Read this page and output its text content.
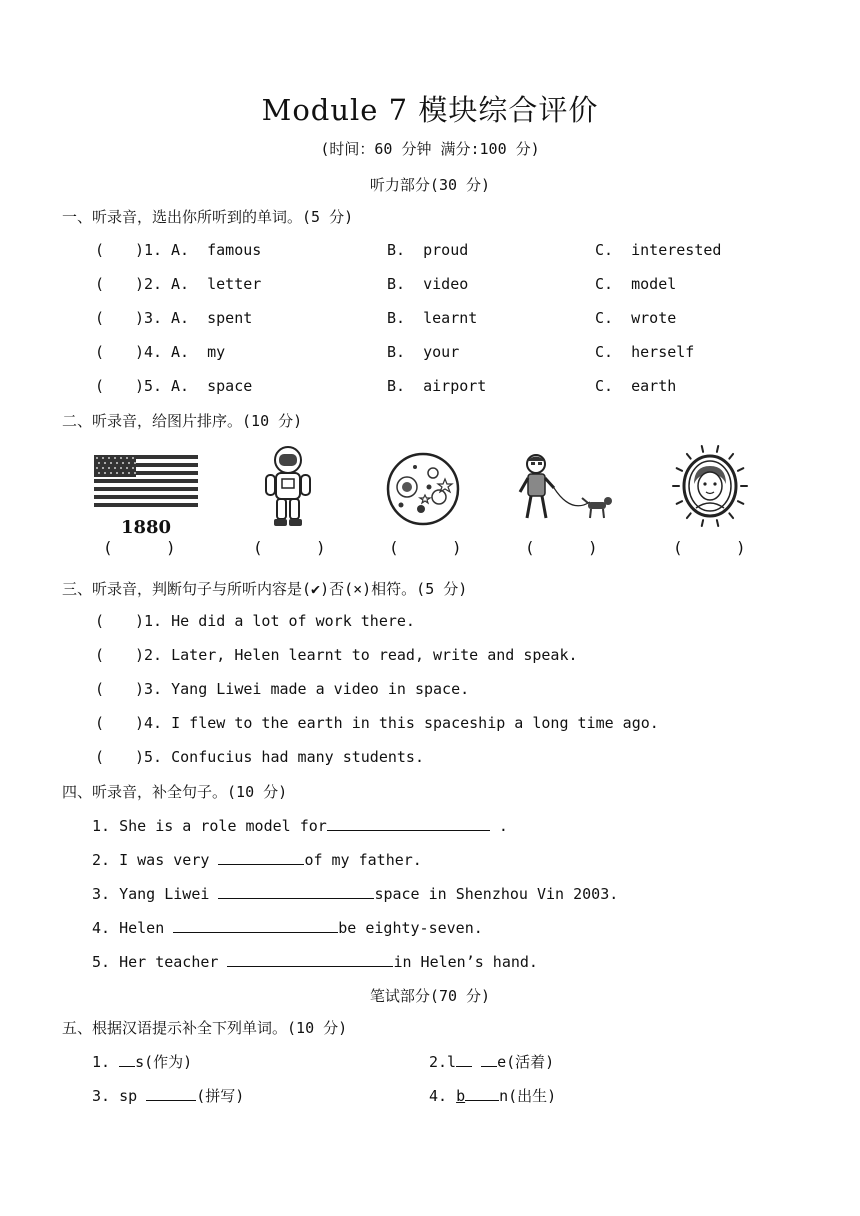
Module 7 模块综合评价
(时间：60 分钟 满分:100 分)
听力部分(30 分)
一、听录音，选出你所听到的单词。(5 分)
( )1. A.  famous	B.  proud	C.  interested
( )2. A.  letter	B.  video	C.  model
( )3. A.  spent	B.  learnt	C.  wrote
( )4. A.  my	B.  your	C.  herself
( )5. A.  space	B.  airport	C.  earth
二、听录音，给图片排序。(10 分)
1880
(	)	(	)	(	)	(	)	(	)
三、听录音，判断句子与所听内容是(✔)否(×)相符。(5 分)
( )1. He did a lot of work there.
( )2. Later, Helen learnt to read, write and speak.
( )3. Yang Liwei made a video in space.
( )4. I flew to the earth in this spaceship a long time ago.
( )5. Confucius had many students.
四、听录音，补全句子。(10 分)
1. She is a role model for	.
2. I was very	of my father.
3. Yang Liwei	space in Shenzhou Vin 2003.
4. Helen	be eighty-seven.
5. Her teacher	in Helen’s hand.
笔试部分(70 分)
五、根据汉语提示补全下列单词。(10 分)
1. s(作为)	2.l	e(活着)
3. sp	(拼写)	4. b n(出生)
